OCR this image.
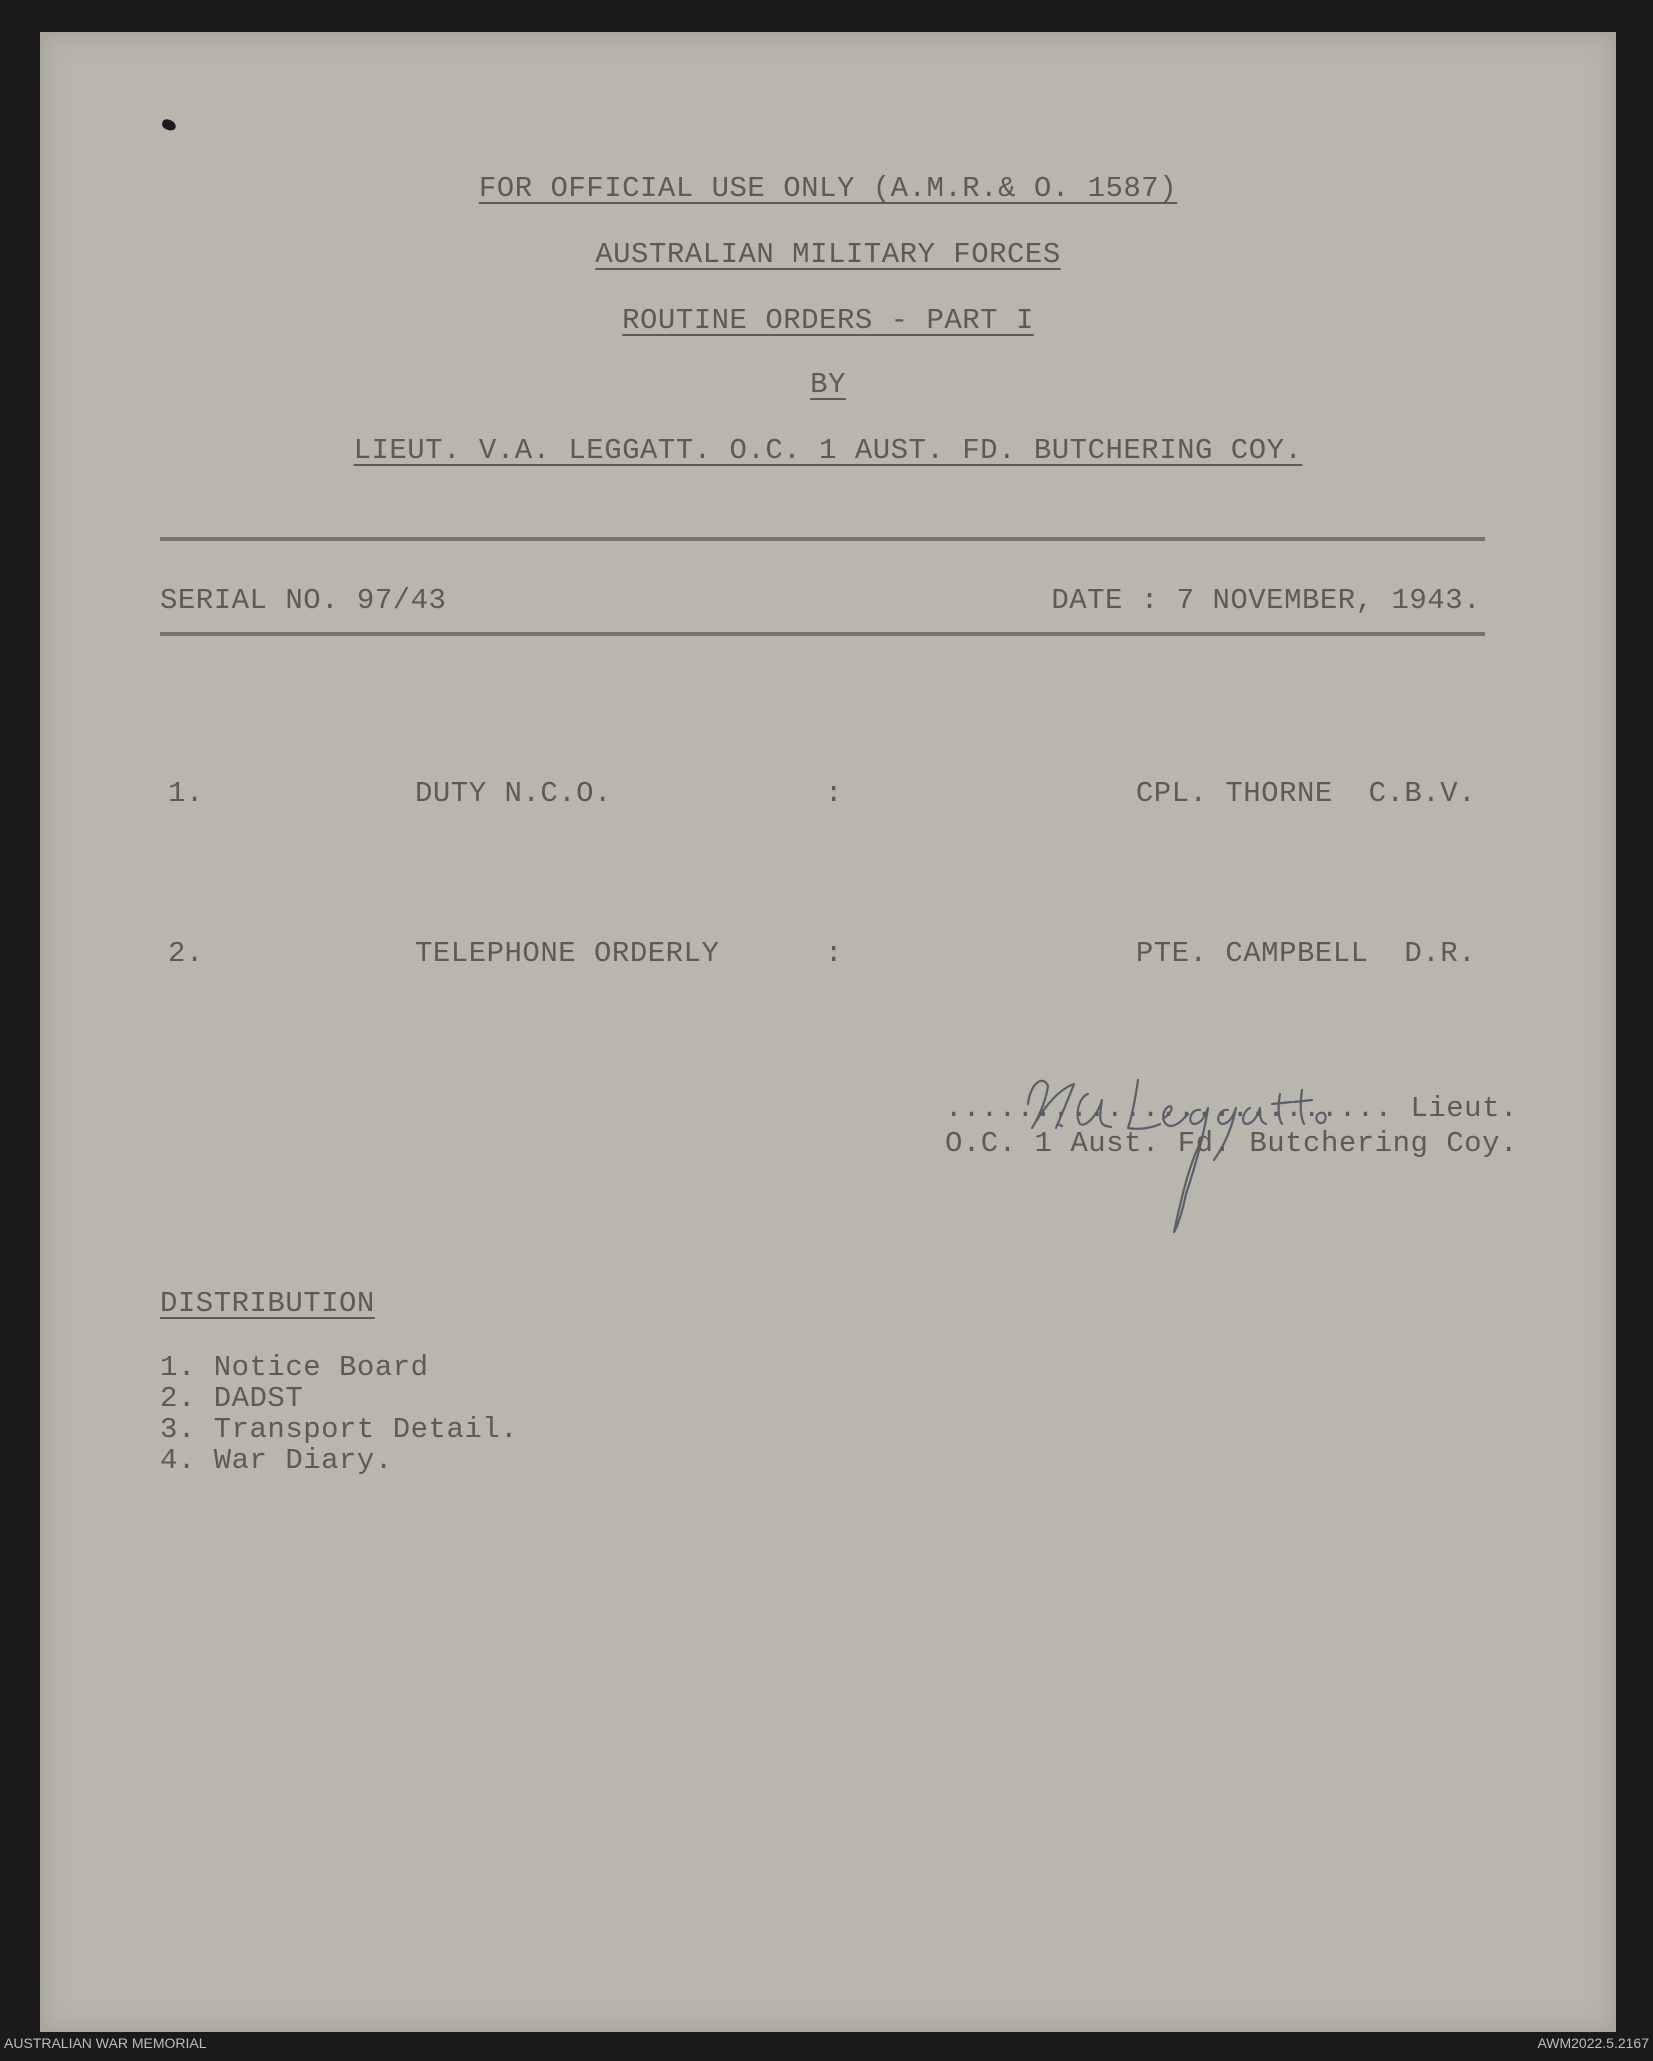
FOR OFFICIAL USE ONLY (A.M.R.& O. 1587)
AUSTRALIAN MILITARY FORCES
ROUTINE ORDERS - PART I
BY
LIEUT. V.A. LEGGATT. O.C. 1 AUST. FD. BUTCHERING COY.
SERIAL NO. 97/43	DATE : 7 NOVEMBER, 1943.
1.	DUTY N.C.O.	:	CPL. THORNE  C.B.V.
2.	TELEPHONE ORDERLY	:	PTE. CAMPBELL  D.R.
......................... Lieut.
O.C. 1 Aust. Fd. Butchering Coy.
DISTRIBUTION
1. Notice Board
2. DADST
3. Transport Detail.
4. War Diary.
AUSTRALIAN WAR MEMORIAL	AWM2022.5.2167
